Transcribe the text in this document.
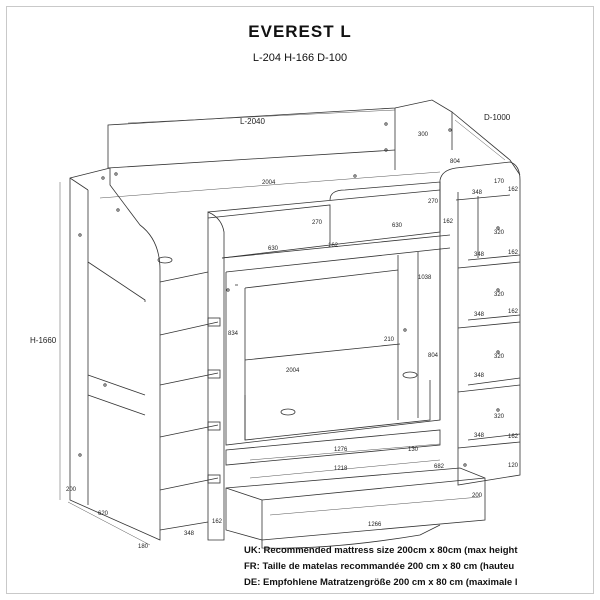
EVEREST L
L-204 H-166 D-100
L-2040	D-1000
H-1660
300
804
170
348	162
2004
270
270
630
630
162
162
320
348	162
1038
320
348
834
210
162
804	320
2004
348
320
348	162
1276	130
1218	682	120
200
200
620
348
162	1266
180	UK: Recommended mattress size 200cm x 80cm (max height
FR: Taille de matelas recommandée 200 cm x 80 cm (hauteu
DE: Empfohlene Matratzengröße 200 cm x 80 cm (maximale l
